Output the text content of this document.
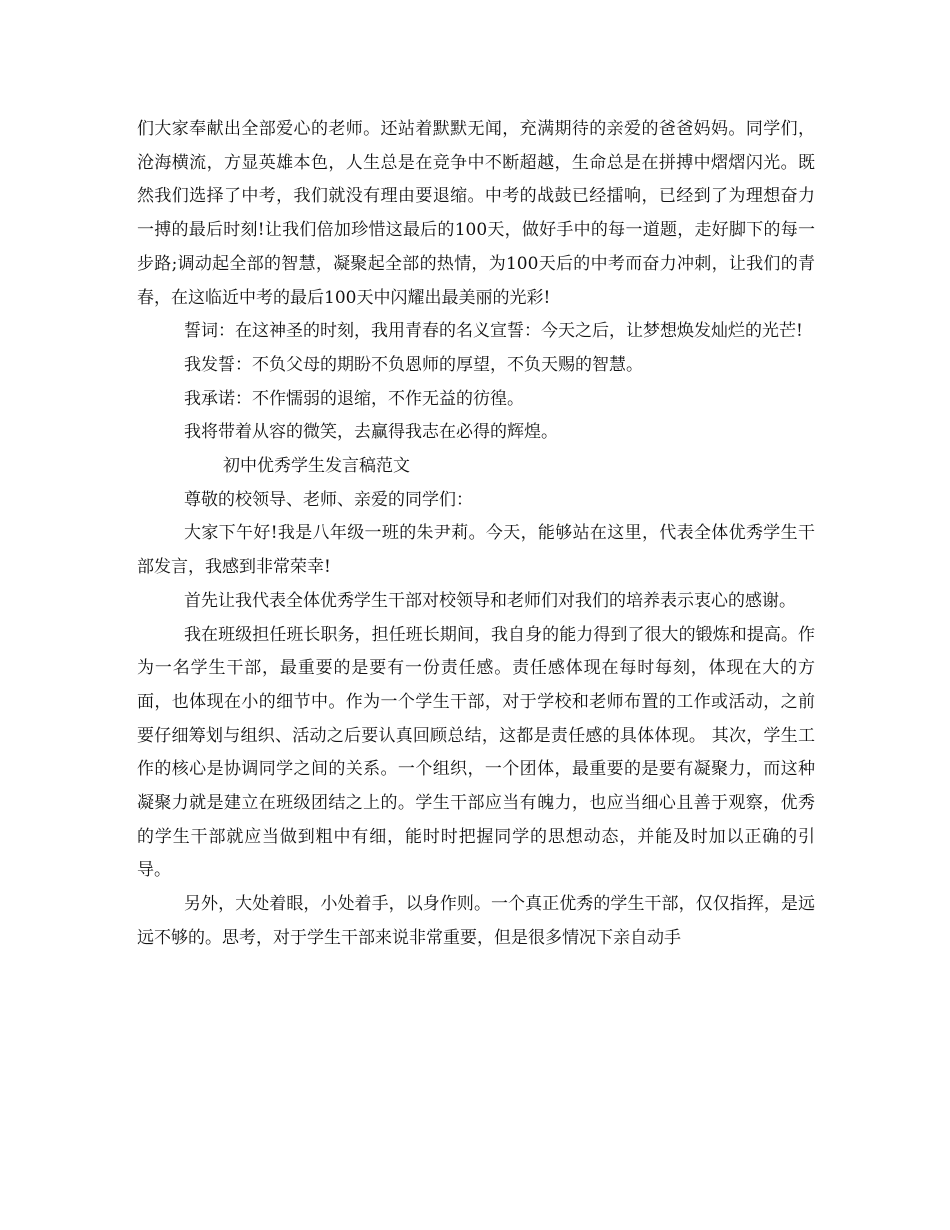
们大家奉献出全部爱心的老师。还站着默默无闻，充满期待的亲爱的爸爸妈妈。同学们，沧海横流，方显英雄本色，人生总是在竞争中不断超越，生命总是在拼搏中熠熠闪光。既然我们选择了中考，我们就没有理由要退缩。中考的战鼓已经擂响，已经到了为理想奋力一搏的最后时刻!让我们倍加珍惜这最后的100天，做好手中的每一道题，走好脚下的每一步路;调动起全部的智慧，凝聚起全部的热情，为100天后的中考而奋力冲刺，让我们的青春，在这临近中考的最后100天中闪耀出最美丽的光彩!

誓词：在这神圣的时刻，我用青春的名义宣誓：今天之后，让梦想焕发灿烂的光芒!

我发誓：不负父母的期盼不负恩师的厚望，不负天赐的智慧。

我承诺：不作懦弱的退缩，不作无益的彷徨。

我将带着从容的微笑，去赢得我志在必得的辉煌。

初中优秀学生发言稿范文

尊敬的校领导、老师、亲爱的同学们：

大家下午好!我是八年级一班的朱尹莉。今天，能够站在这里，代表全体优秀学生干部发言，我感到非常荣幸!

首先让我代表全体优秀学生干部对校领导和老师们对我们的培养表示衷心的感谢。

我在班级担任班长职务，担任班长期间，我自身的能力得到了很大的锻炼和提高。作为一名学生干部，最重要的是要有一份责任感。责任感体现在每时每刻，体现在大的方面，也体现在小的细节中。作为一个学生干部，对于学校和老师布置的工作或活动，之前要仔细筹划与组织、活动之后要认真回顾总结，这都是责任感的具体体现。 其次，学生工作的核心是协调同学之间的关系。一个组织，一个团体，最重要的是要有凝聚力，而这种凝聚力就是建立在班级团结之上的。学生干部应当有魄力，也应当细心且善于观察，优秀的学生干部就应当做到粗中有细，能时时把握同学的思想动态，并能及时加以正确的引导。

另外，大处着眼，小处着手，以身作则。一个真正优秀的学生干部，仅仅指挥，是远远不够的。思考，对于学生干部来说非常重要，但是很多情况下亲自动手
